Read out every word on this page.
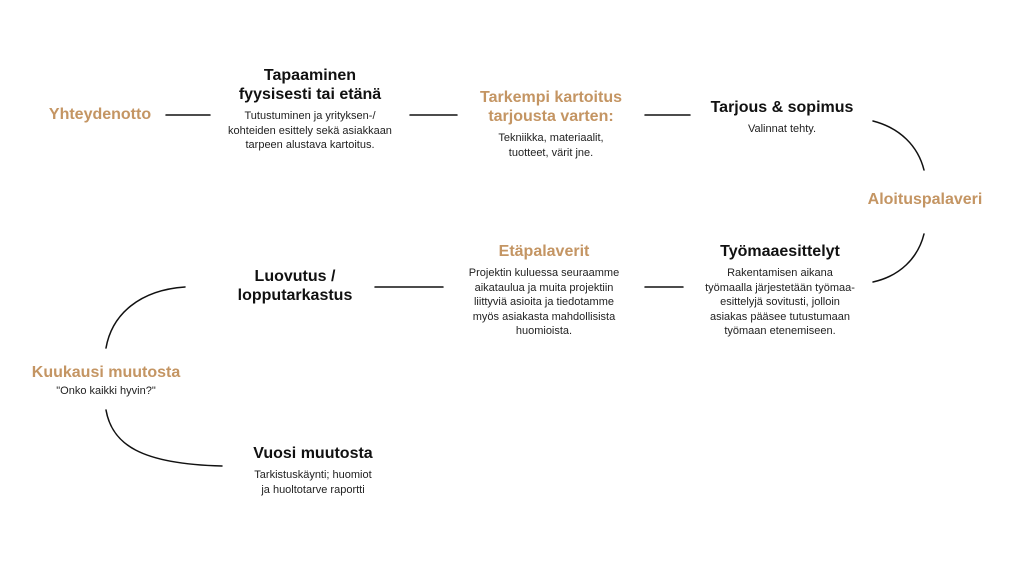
Yhteydenotto
Tapaaminen
fyysisesti tai etänä
Tutustuminen ja yrityksen-/
kohteiden esittely sekä asiakkaan
tarpeen alustava kartoitus.
Tarkempi kartoitus
tarjousta varten:
Tekniikka, materiaalit,
tuotteet, värit jne.
Tarjous & sopimus
Valinnat tehty.
Aloituspalaveri
Työmaaesittelyt
Rakentamisen aikana
työmaalla järjestetään työmaa-
esittelyjä sovitusti, jolloin
asiakas pääsee tutustumaan
työmaan etenemiseen.
Etäpalaverit
Projektin kuluessa seuraamme
aikataulua ja muita projektiin
liittyviä asioita ja tiedotamme
myös asiakasta mahdollisista
huomioista.
Luovutus /
lopputarkastus
Kuukausi muutosta
"Onko kaikki hyvin?"
Vuosi muutosta
Tarkistuskäynti; huomiot
ja huoltotarve raportti
